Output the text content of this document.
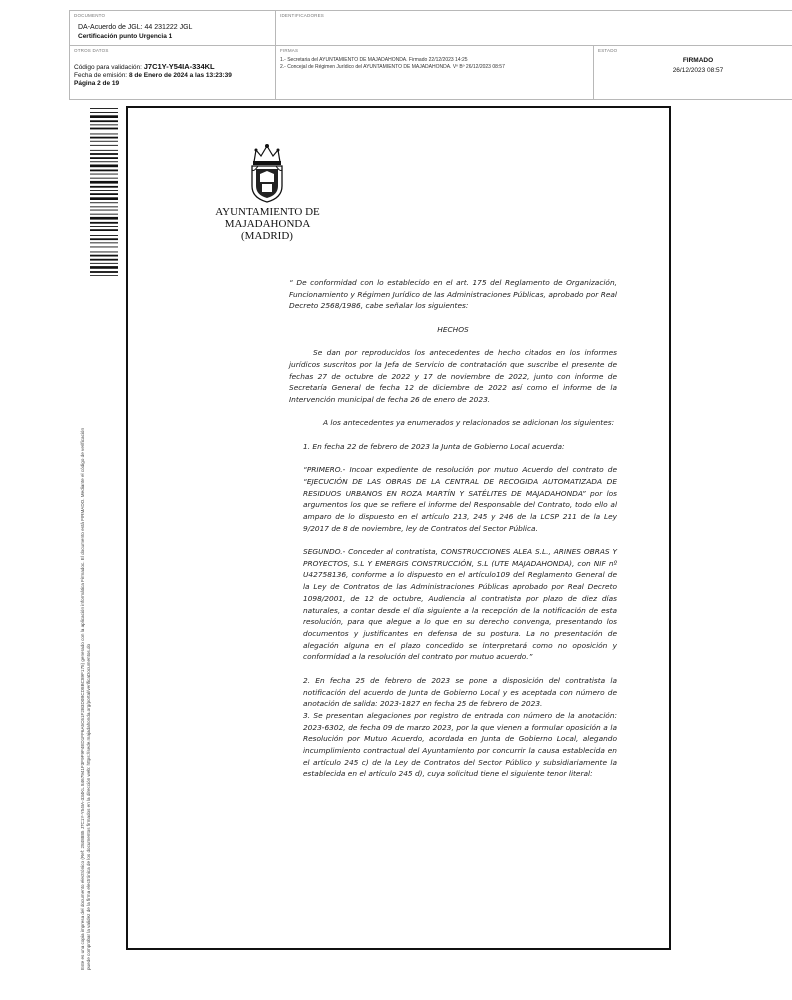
DOCUMENTO
DA-Acuerdo de JGL: 44 231222 JGL
Certificación punto Urgencia 1
IDENTIFICADORES
OTROS DATOS
Código para validación: J7C1Y-Y54IA-334KL
Fecha de emisión: 8 de Enero de 2024 a las 13:23:39
Página 2 de 19
FIRMAS
1.- Secretaria del AYUNTAMIENTO DE MAJADAHONDA. Firmado 22/12/2023 14:25
2.- Concejal de Régimen Jurídico del AYUNTAMIENTO DE MAJADAHONDA. Vº Bº 26/12/2023 08:57
ESTADO
FIRMADO
26/12/2023 08:57
Este es una copia impresa del documento electrónico (Ref: 2848885 J7C1Y-Y54IA-334KL 8467941F3F9F9F4ED1FF6A5C61F2B3D0BCD8BC89F175) generado con la aplicación informática Firmadoc. El documento está FIRMADO. Mediante el código de verificación puede comprobar la validez de la firma electrónica de los documentos firmados en la dirección web: https://sede.majadahonda.org/portal/verificaDocumentos.do
AYUNTAMIENTO DE
MAJADAHONDA
(MADRID)

“ De conformidad con lo establecido en el art. 175 del Reglamento de Organización, Funcionamiento y Régimen Jurídico de las Administraciones Públicas, aprobado por Real Decreto 2568/1986, cabe señalar los siguientes:

HECHOS

Se dan por reproducidos los antecedentes de hecho citados en los informes jurídicos suscritos por la Jefa de Servicio de contratación que suscribe el presente de fechas 27 de octubre de 2022 y 17 de noviembre de 2022, junto con informe de Secretaría General de fecha 12 de diciembre de 2022 así como el informe de la Intervención municipal de fecha 26 de enero de 2023.

A los antecedentes ya enumerados y relacionados se adicionan los siguientes:

1. En fecha 22 de febrero de 2023 la Junta de Gobierno Local acuerda:

“PRIMERO.- Incoar expediente de resolución por mutuo Acuerdo del contrato de “EJECUCIÓN DE LAS OBRAS DE LA CENTRAL DE RECOGIDA AUTOMATIZADA DE RESIDUOS URBANOS EN ROZA MARTÍN Y SATÉLITES DE MAJADAHONDA” por los argumentos los que se refiere el informe del Responsable del Contrato, todo ello al amparo de lo dispuesto en el artículo 213, 245 y 246 de la LCSP 211 de la Ley 9/2017 de 8 de noviembre, ley de Contratos del Sector Pública.

SEGUNDO.- Conceder al contratista, CONSTRUCCIONES ALEA S.L., ARINES OBRAS Y PROYECTOS, S.L Y EMERGIS CONSTRUCCIÓN, S.L (UTE MAJADAHONDA), con NIF nº U42758136, conforme a lo dispuesto en el artículo109 del Reglamento General de la Ley de Contratos de las Administraciones Públicas aprobado por Real Decreto 1098/2001, de 12 de octubre, Audiencia al contratista por plazo de diez días naturales, a contar desde el día siguiente a la recepción de la notificación de esta resolución, para que alegue a lo que en su derecho convenga, presentando los documentos y justificantes en defensa de su postura. La no presentación de alegación alguna en el plazo concedido se interpretará como no oposición y conformidad a la resolución del contrato por mutuo acuerdo.”

2. En fecha 25 de febrero de 2023 se pone a disposición del contratista la notificación del acuerdo de Junta de Gobierno Local y es aceptada con número de anotación de salida: 2023-1827 en fecha 25 de febrero de 2023.

3. Se presentan alegaciones por registro de entrada con número de la anotación: 2023-6302, de fecha 09 de marzo 2023, por la que vienen a formular oposición a la Resolución por Mutuo Acuerdo, acordada en Junta de Gobierno Local, alegando incumplimiento contractual del Ayuntamiento por concurrir la causa establecida en el artículo 245 c) de la Ley de Contratos del Sector Público y subsidiariamente la establecida en el artículo 245 d), cuya solicitud tiene el siguiente tenor literal:
